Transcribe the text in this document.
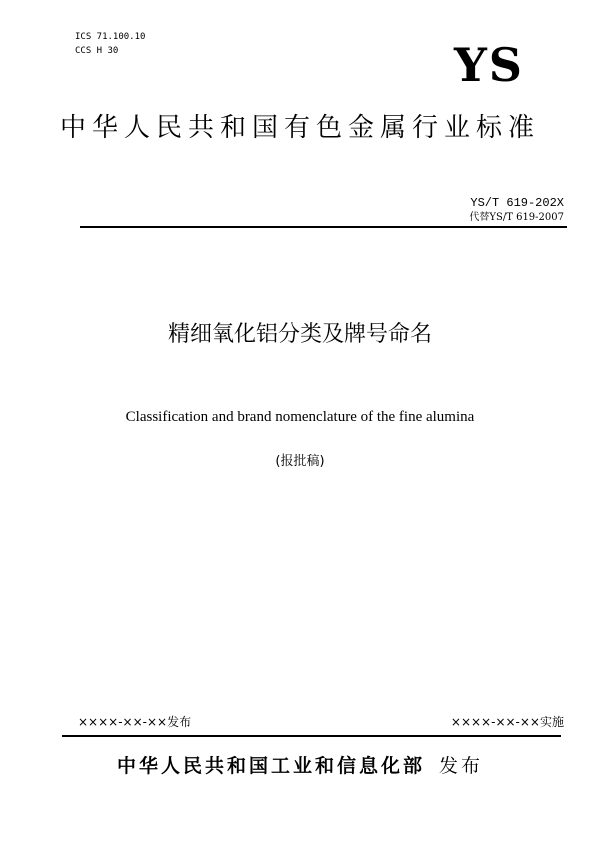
ICS 71.100.10
CCS H 30	YS
中华人民共和国有色金属行业标准
YS/T 619-202X
代替YS/T 619-2007
精细氧化铝分类及牌号命名
Classification and brand nomenclature of the fine alumina
(报批稿)
××××-××-××发布	××××-××-××实施
中华人民共和国工业和信息化部 发布
